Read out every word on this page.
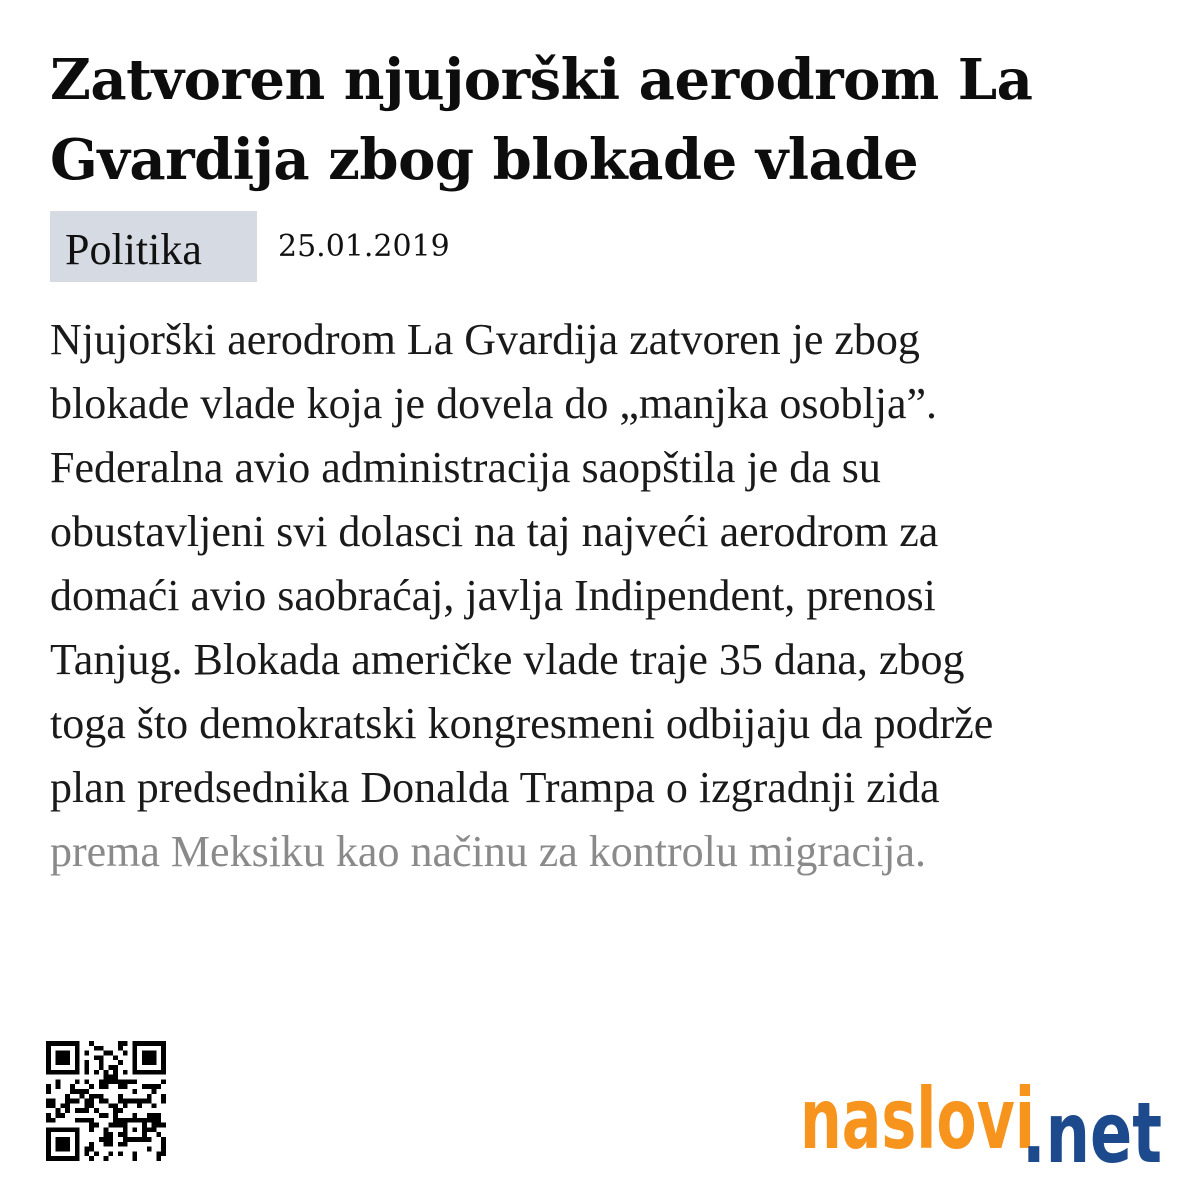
Zatvoren njujorški aerodrom La Gvardija zbog blokade vlade
Politika	25.01.2019
Njujorški aerodrom La Gvardija zatvoren je zbog
blokade vlade koja je dovela do „manjka osoblja”.
Federalna avio administracija saopštila je da su
obustavljeni svi dolasci na taj najveći aerodrom za
domaći avio saobraćaj, javlja Indipendent, prenosi
Tanjug. Blokada američke vlade traje 35 dana, zbog
toga što demokratski kongresmeni odbijaju da podrže
plan predsednika Donalda Trampa o izgradnji zida
prema Meksiku kao načinu za kontrolu migracija.
naslovi
.net
